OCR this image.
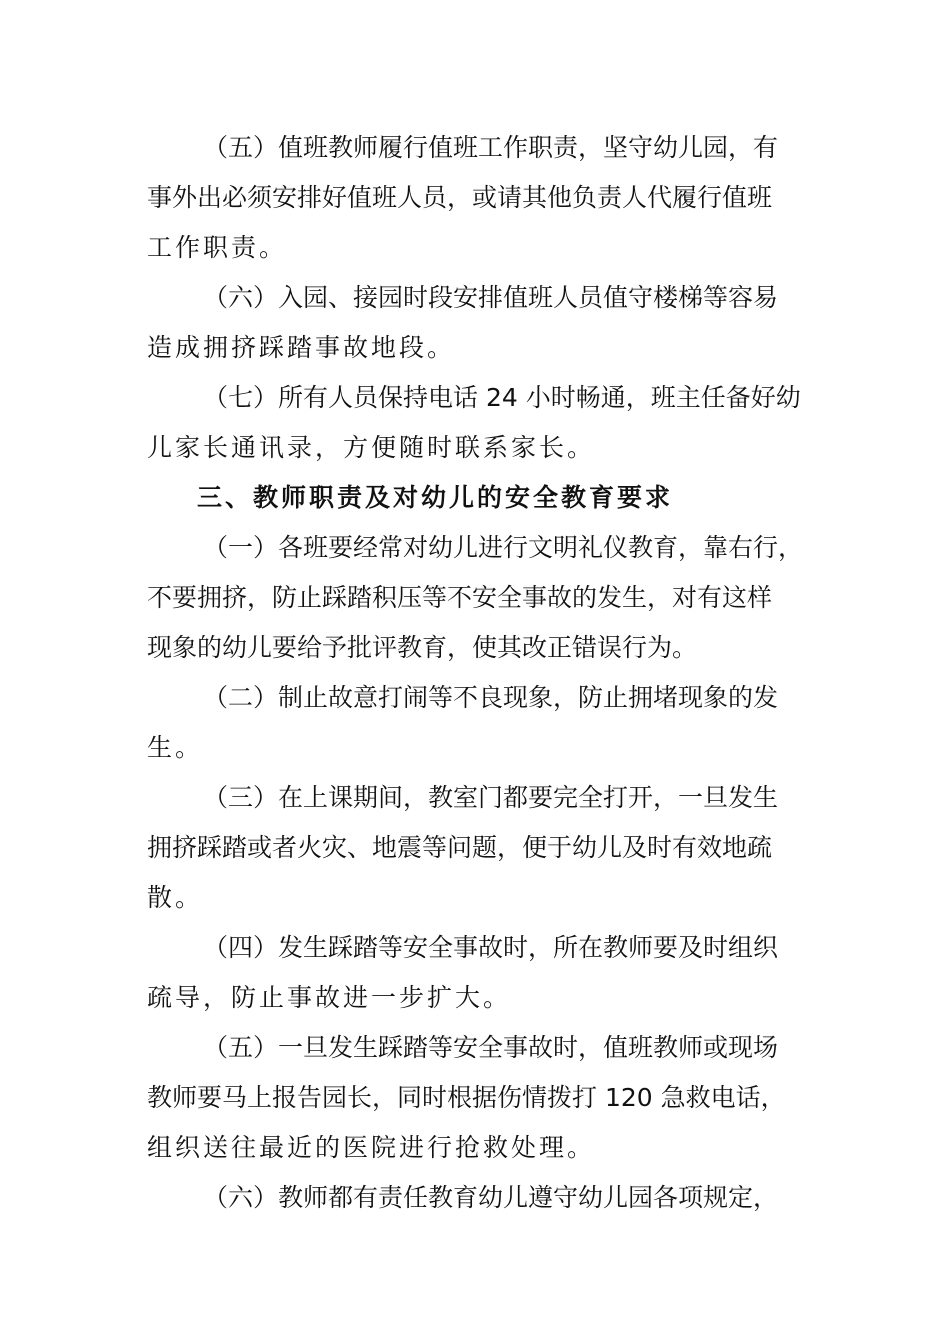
（五）值班教师履行值班工作职责，坚守幼儿园，有
事外出必须安排好值班人员，或请其他负责人代履行值班
工作职责。
（六）入园、接园时段安排值班人员值守楼梯等容易
造成拥挤踩踏事故地段。
（七）所有人员保持电话 24 小时畅通，班主任备好幼
儿家长通讯录，方便随时联系家长。
三、教师职责及对幼儿的安全教育要求
（一）各班要经常对幼儿进行文明礼仪教育，靠右行，
不要拥挤，防止踩踏积压等不安全事故的发生，对有这样
现象的幼儿要给予批评教育，使其改正错误行为。
（二）制止故意打闹等不良现象，防止拥堵现象的发
生。
（三）在上课期间，教室门都要完全打开，一旦发生
拥挤踩踏或者火灾、地震等问题，便于幼儿及时有效地疏
散。
（四）发生踩踏等安全事故时，所在教师要及时组织
疏导，防止事故进一步扩大。
（五）一旦发生踩踏等安全事故时，值班教师或现场
教师要马上报告园长，同时根据伤情拨打 120 急救电话，
组织送往最近的医院进行抢救处理。
（六）教师都有责任教育幼儿遵守幼儿园各项规定，
